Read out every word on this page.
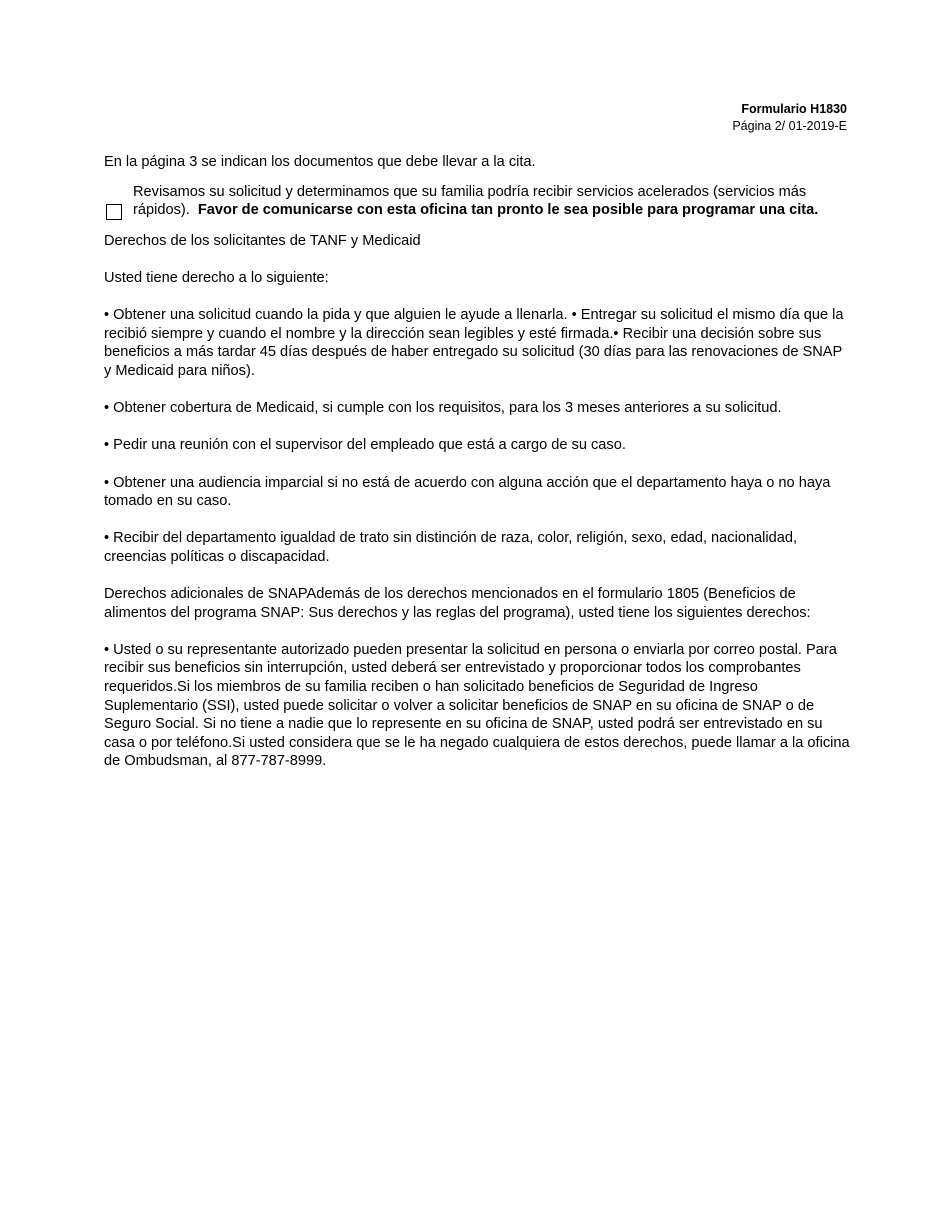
Formulario H1830
Página 2/ 01-2019-E

En la página 3 se indican los documentos que debe llevar a la cita.

Revisamos su solicitud y determinamos que su familia podría recibir servicios acelerados (servicios más rápidos). Favor de comunicarse con esta oficina tan pronto le sea posible para programar una cita.

Derechos de los solicitantes de TANF y Medicaid

Usted tiene derecho a lo siguiente:

• Obtener una solicitud cuando la pida y que alguien le ayude a llenarla. • Entregar su solicitud el mismo día que la recibió siempre y cuando el nombre y la dirección sean legibles y esté firmada.• Recibir una decisión sobre sus beneficios a más tardar 45 días después de haber entregado su solicitud (30 días para las renovaciones de SNAP y Medicaid para niños).

• Obtener cobertura de Medicaid, si cumple con los requisitos, para los 3 meses anteriores a su solicitud.

• Pedir una reunión con el supervisor del empleado que está a cargo de su caso.

• Obtener una audiencia imparcial si no está de acuerdo con alguna acción que el departamento haya o no haya tomado en su caso.

• Recibir del departamento igualdad de trato sin distinción de raza, color, religión, sexo, edad, nacionalidad, creencias políticas o discapacidad.

Derechos adicionales de SNAPAdemás de los derechos mencionados en el formulario 1805 (Beneficios de alimentos del programa SNAP: Sus derechos y las reglas del programa), usted tiene los siguientes derechos:

• Usted o su representante autorizado pueden presentar la solicitud en persona o enviarla por correo postal. Para recibir sus beneficios sin interrupción, usted deberá ser entrevistado y proporcionar todos los comprobantes requeridos.Si los miembros de su familia reciben o han solicitado beneficios de Seguridad de Ingreso Suplementario (SSI), usted puede solicitar o volver a solicitar beneficios de SNAP en su oficina de SNAP o de Seguro Social. Si no tiene a nadie que lo represente en su oficina de SNAP, usted podrá ser entrevistado en su casa o por teléfono.Si usted considera que se le ha negado cualquiera de estos derechos, puede llamar a la oficina de Ombudsman, al 877-787-8999.
